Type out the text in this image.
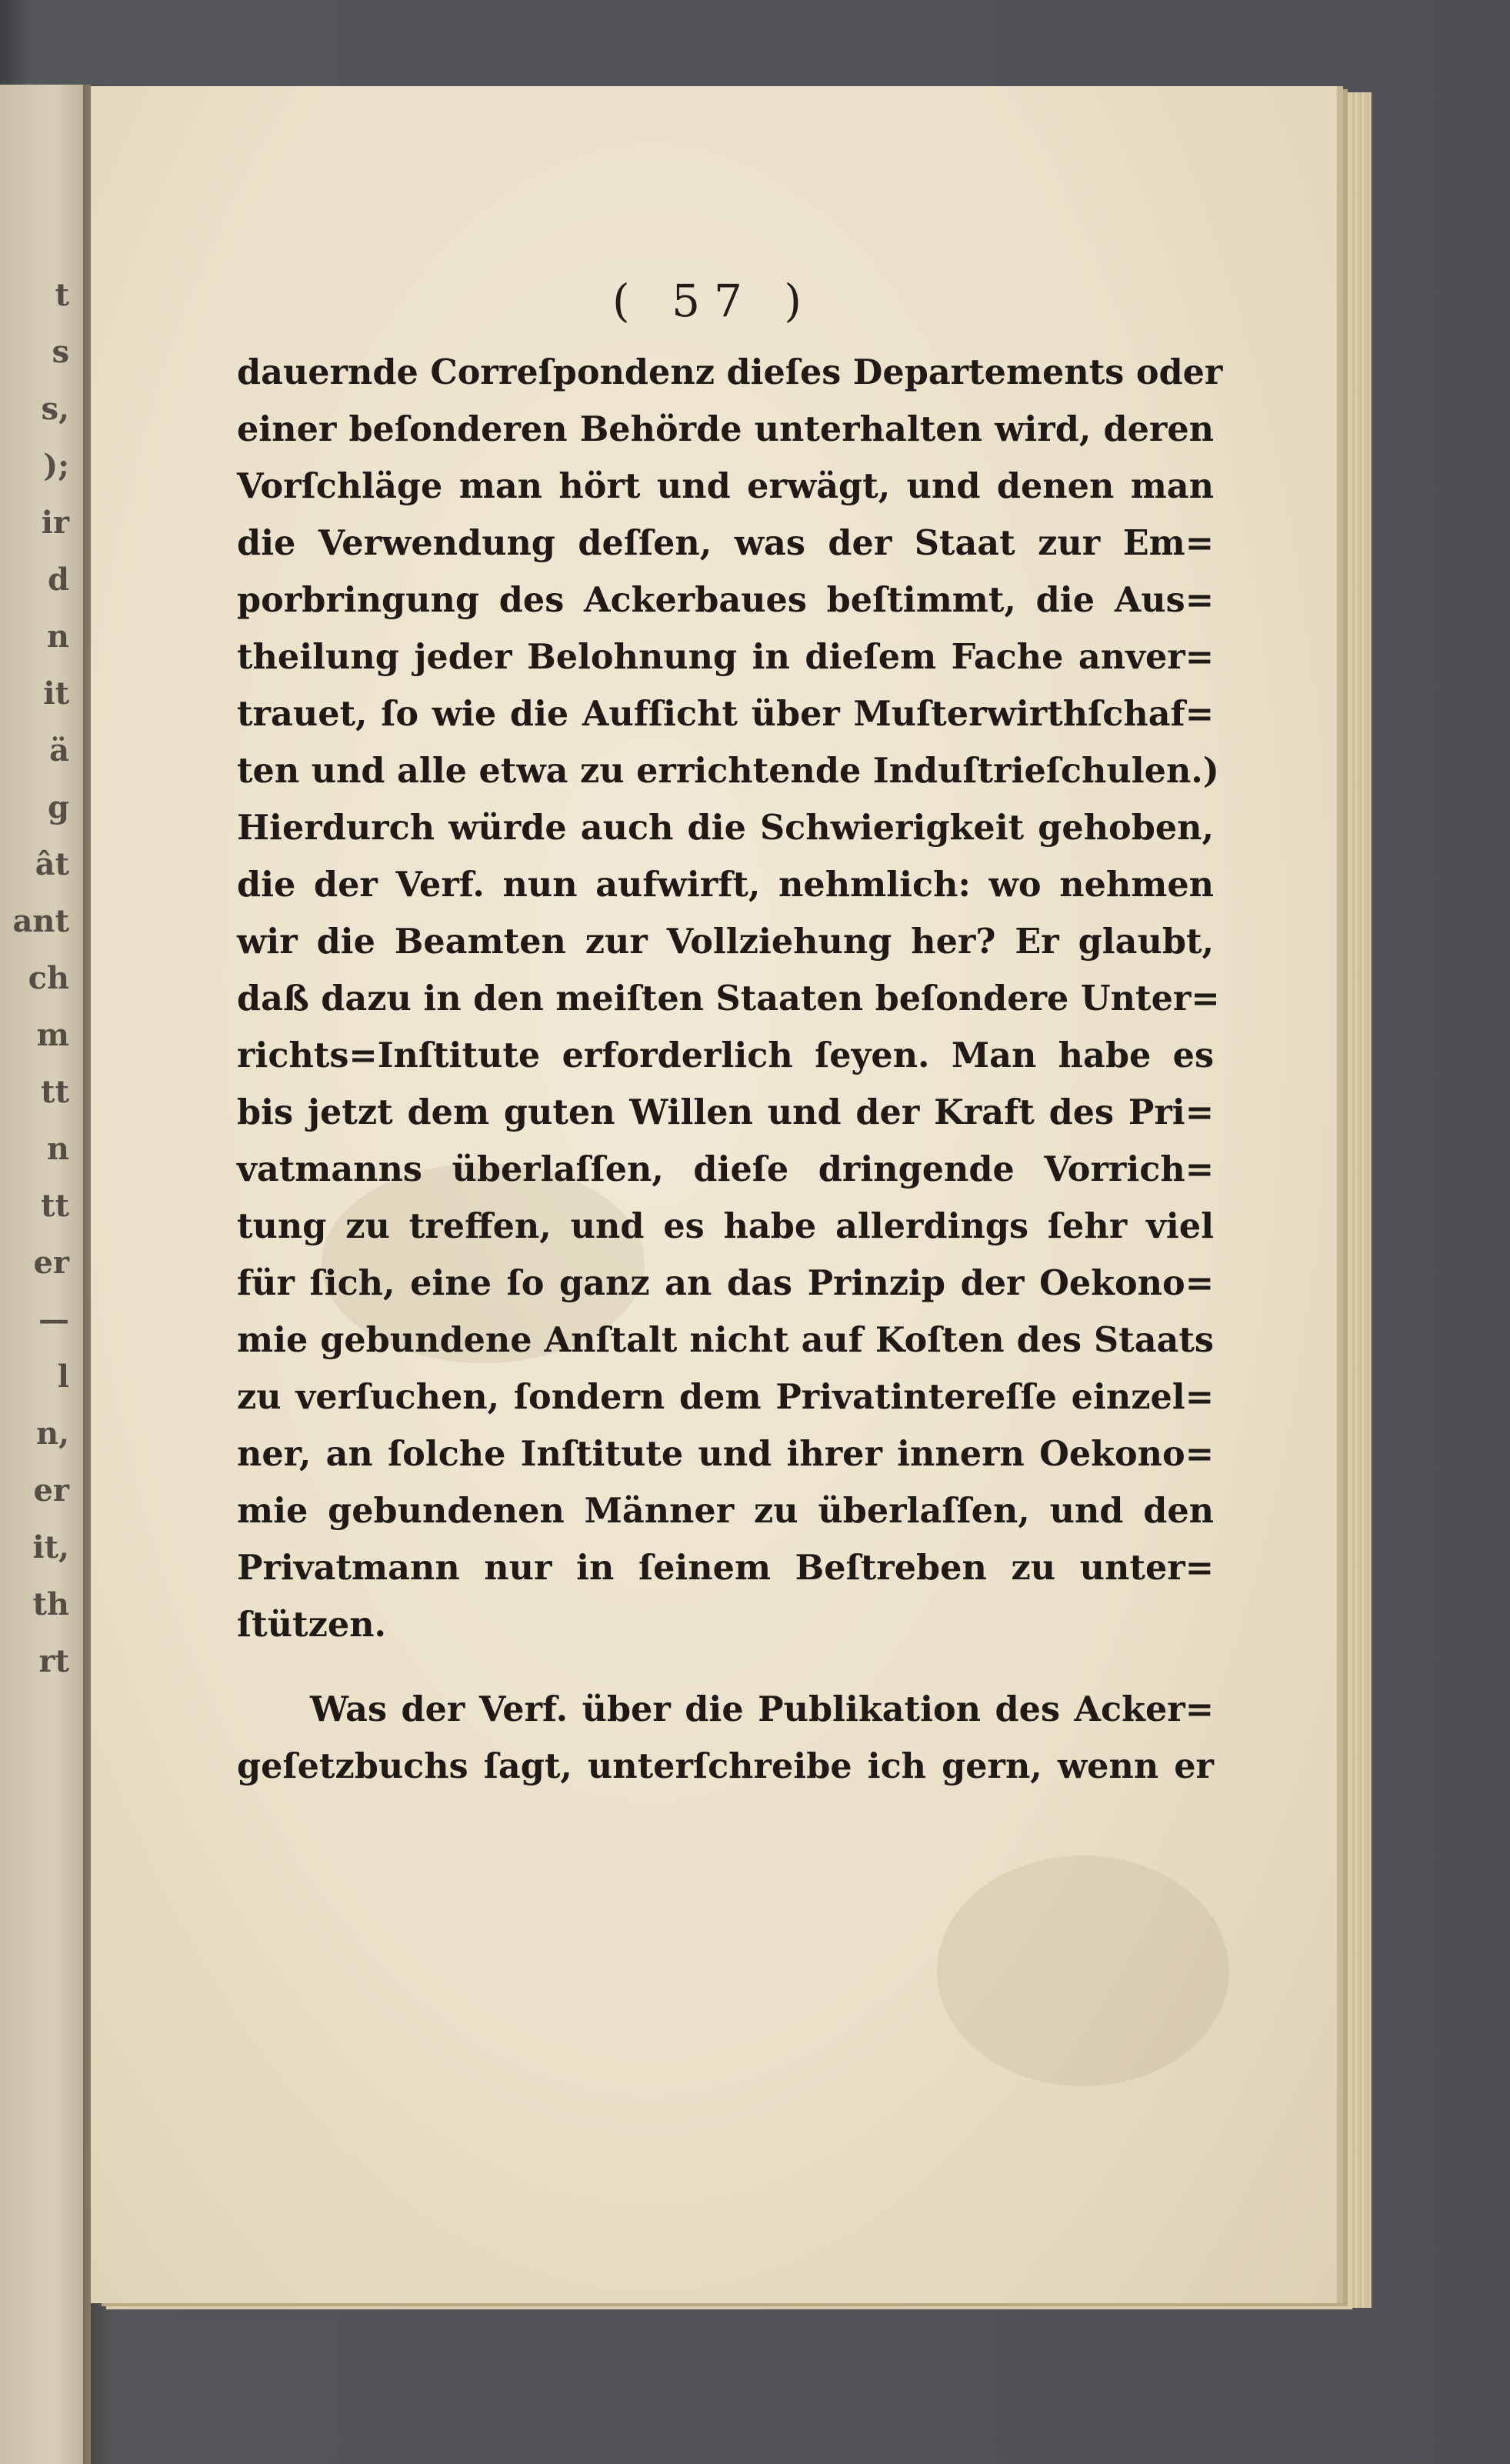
t
s
s,
);
ir
d
n
it
ä
g
ât
ant
ch
m
tt
n
tt
er
—
l
n,
er
it,
th
rt
( 57 )
dauernde Correſpondenz dieſes Departements oder
einer beſonderen Behörde unterhalten wird, deren
Vorſchläge man hört und erwägt, und denen man
die Verwendung deſſen, was der Staat zur Em=
porbringung des Ackerbaues beſtimmt, die Aus=
theilung jeder Belohnung in dieſem Fache anver=
trauet, ſo wie die Aufſicht über Muſterwirthſchaf=
ten und alle etwa zu errichtende Induſtrieſchulen.)
Hierdurch würde auch die Schwierigkeit gehoben,
die der Verf. nun aufwirft, nehmlich: wo nehmen
wir die Beamten zur Vollziehung her? Er glaubt,
daß dazu in den meiſten Staaten beſondere Unter=
richts=Inſtitute erforderlich ſeyen. Man habe es
bis jetzt dem guten Willen und der Kraft des Pri=
vatmanns überlaſſen, dieſe dringende Vorrich=
tung zu treffen, und es habe allerdings ſehr viel
für ſich, eine ſo ganz an das Prinzip der Oekono=
mie gebundene Anſtalt nicht auf Koſten des Staats
zu verſuchen, ſondern dem Privatintereſſe einzel=
ner, an ſolche Inſtitute und ihrer innern Oekono=
mie gebundenen Männer zu überlaſſen, und den
Privatmann nur in ſeinem Beſtreben zu unter=
ſtützen.
Was der Verf. über die Publikation des Acker=
geſetzbuchs ſagt, unterſchreibe ich gern, wenn er
